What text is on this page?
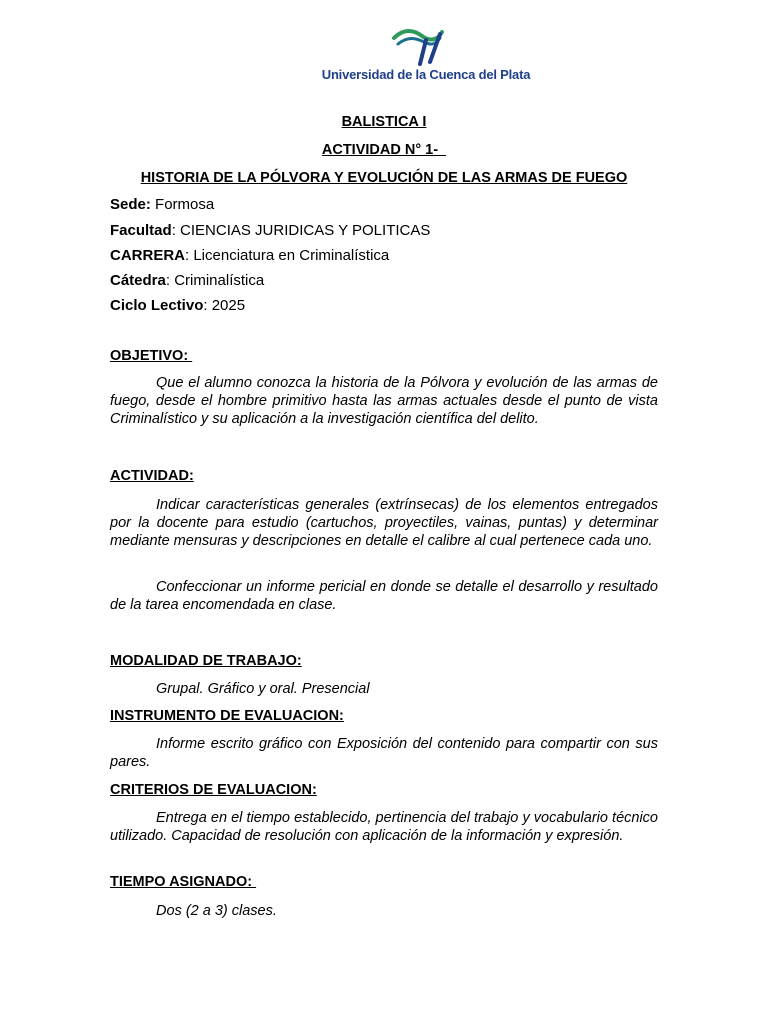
Universidad de la Cuenca del Plata
BALISTICA I
ACTIVIDAD N° 1-
HISTORIA DE LA PÓLVORA Y EVOLUCIÓN DE LAS ARMAS DE FUEGO
Sede: Formosa
Facultad: CIENCIAS JURIDICAS Y POLITICAS
CARRERA: Licenciatura en Criminalística
Cátedra: Criminalística
Ciclo Lectivo: 2025
OBJETIVO:
Que el alumno conozca la historia de la Pólvora y evolución de las armas de fuego, desde el hombre primitivo hasta las armas actuales desde el punto de vista Criminalístico y su aplicación a la investigación científica del delito.
ACTIVIDAD:
Indicar características generales (extrínsecas) de los elementos entregados por la docente para estudio (cartuchos, proyectiles, vainas, puntas) y determinar mediante mensuras y descripciones en detalle el calibre al cual pertenece cada uno.
Confeccionar un informe pericial en donde se detalle el desarrollo y resultado de la tarea encomendada en clase.
MODALIDAD DE TRABAJO:
Grupal. Gráfico y oral. Presencial
INSTRUMENTO DE EVALUACION:
Informe escrito gráfico con Exposición del contenido para compartir con sus pares.
CRITERIOS DE EVALUACION:
Entrega en el tiempo establecido, pertinencia del trabajo y vocabulario técnico utilizado. Capacidad de resolución con aplicación de la información y expresión.
TIEMPO ASIGNADO:
Dos (2 a 3) clases.
